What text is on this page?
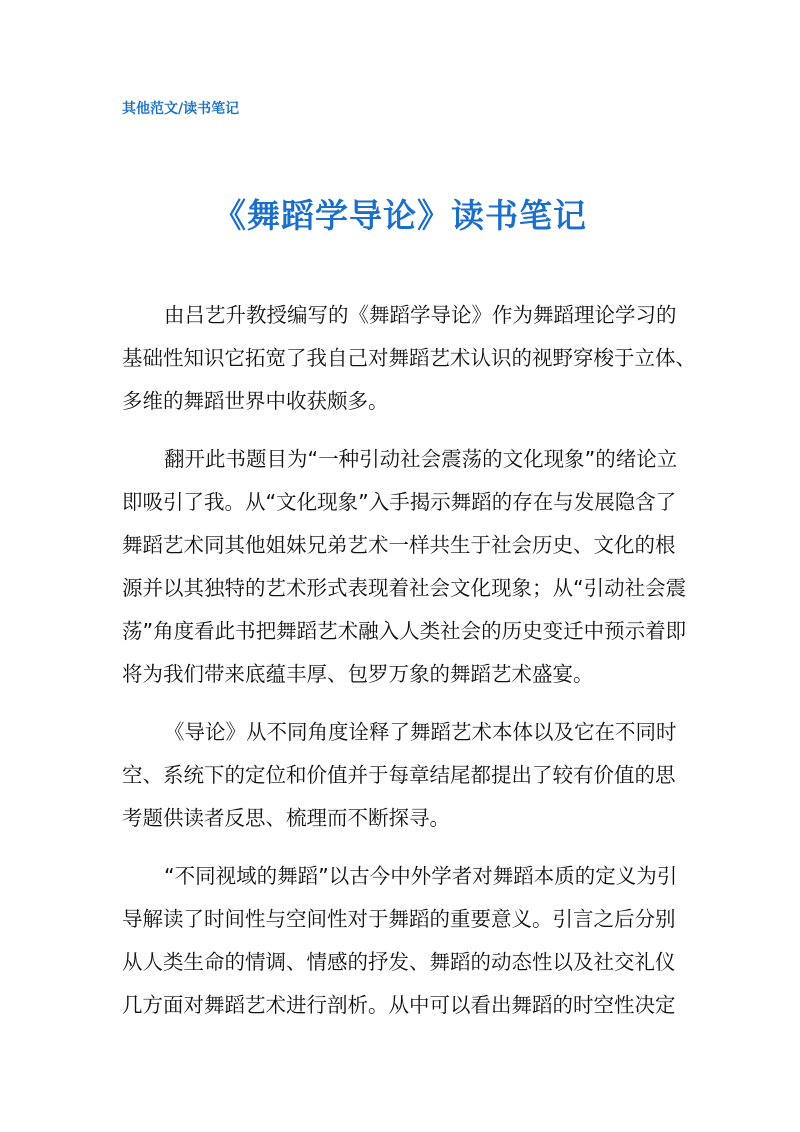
其他范文/读书笔记
《舞蹈学导论》读书笔记
由吕艺升教授编写的《舞蹈学导论》作为舞蹈理论学习的
基础性知识它拓宽了我自己对舞蹈艺术认识的视野穿梭于立体、
多维的舞蹈世界中收获颇多。
翻开此书题目为“一种引动社会震荡的文化现象”的绪论立
即吸引了我。从“文化现象”入手揭示舞蹈的存在与发展隐含了
舞蹈艺术同其他姐妹兄弟艺术一样共生于社会历史、文化的根
源并以其独特的艺术形式表现着社会文化现象；从“引动社会震
荡”角度看此书把舞蹈艺术融入人类社会的历史变迁中预示着即
将为我们带来底蕴丰厚、包罗万象的舞蹈艺术盛宴。
《导论》从不同角度诠释了舞蹈艺术本体以及它在不同时
空、系统下的定位和价值并于每章结尾都提出了较有价值的思
考题供读者反思、梳理而不断探寻。
“不同视域的舞蹈”以古今中外学者对舞蹈本质的定义为引
导解读了时间性与空间性对于舞蹈的重要意义。引言之后分别
从人类生命的情调、情感的抒发、舞蹈的动态性以及社交礼仪
几方面对舞蹈艺术进行剖析。从中可以看出舞蹈的时空性决定
